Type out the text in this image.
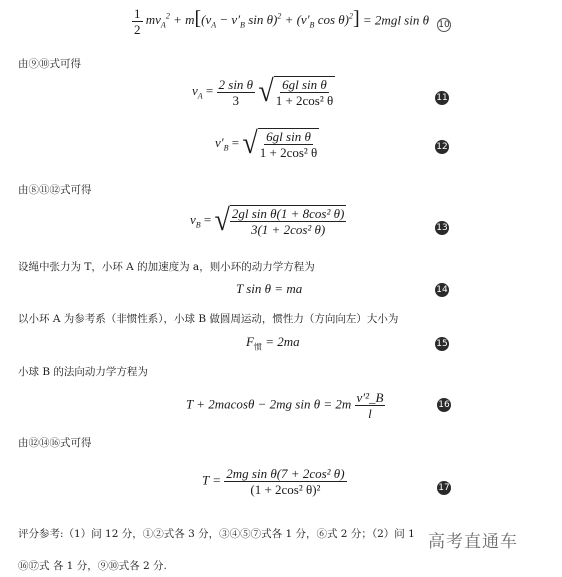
$\frac{1}{2} mv_A^2 + m[(v_A - v'_B$ $\sin \theta)^2 + (v'_B$ cos θ)$^2$] = 2mgl sin θ 10
由⑨⑩式可得
$v_A = \frac{\text{2 sin θ}}{3}$
√ $\frac{\text{6gl sin θ}}{\text{1 + 2cos² θ}}$	11
$v'_B$ = √ $\frac{\text{6gl sin θ}}{\text{1 + 2cos² θ}}$	12
由⑧⑪⑫式可得
$v_B$ = √ $\frac{\text{2gl sin θ(1 + 8cos² θ)}}{\text{3(1 + 2cos² θ)}}$	13
设绳中张力为 T，小环 A 的加速度为 a，则小环的动力学方程为
T sin θ = ma	14
以小环 A 为参考系（非惯性系），小球 B 做圆周运动，惯性力（方向向左）大小为
$F_惯 = 2ma$	15
小球 B 的法向动力学方程为
T + 2macosθ − 2mg $\sin \theta = 2m \frac{\text{v′²\_B}}{l}$	16
由⑫⑭⑯式可得
$T = \frac{\text{2mg sin θ(7 + 2cos² θ)}}{\text{(1 + 2cos² θ)²}}$	17
评分参考:（1）问 12 分，①②式各 3 分，③④⑤⑦式各 1 分，⑥式 2 分；（2）问 1
⑯⑰式 各 1 分，⑨⑩式各 2 分.
高考直通车
